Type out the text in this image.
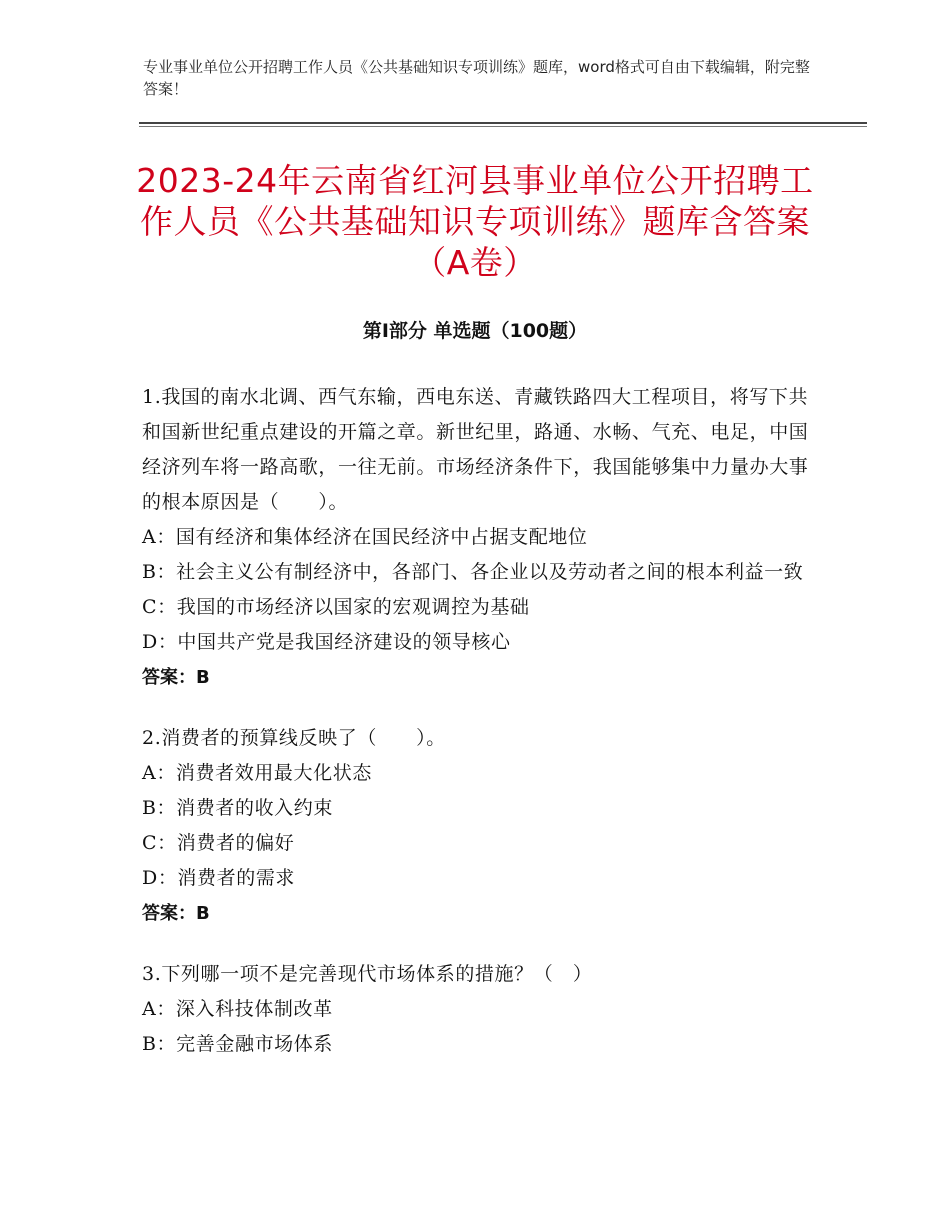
专业事业单位公开招聘工作人员《公共基础知识专项训练》题库，word格式可自由下载编辑，附完整答案！
2023-24年云南省红河县事业单位公开招聘工作人员《公共基础知识专项训练》题库含答案（A卷）
第Ⅰ部分 单选题（100题）

1.我国的南水北调、西气东输，西电东送、青藏铁路四大工程项目，将写下共和国新世纪重点建设的开篇之章。新世纪里，路通、水畅、气充、电足，中国经济列车将一路高歌，一往无前。市场经济条件下，我国能够集中力量办大事的根本原因是（　　）。

A：国有经济和集体经济在国民经济中占据支配地位

B：社会主义公有制经济中，各部门、各企业以及劳动者之间的根本利益一致

C：我国的市场经济以国家的宏观调控为基础

D：中国共产党是我国经济建设的领导核心

答案：B

2.消费者的预算线反映了（　　）。

A：消费者效用最大化状态

B：消费者的收入约束

C：消费者的偏好

D：消费者的需求

答案：B

3.下列哪一项不是完善现代市场体系的措施？（　）

A：深入科技体制改革

B：完善金融市场体系
